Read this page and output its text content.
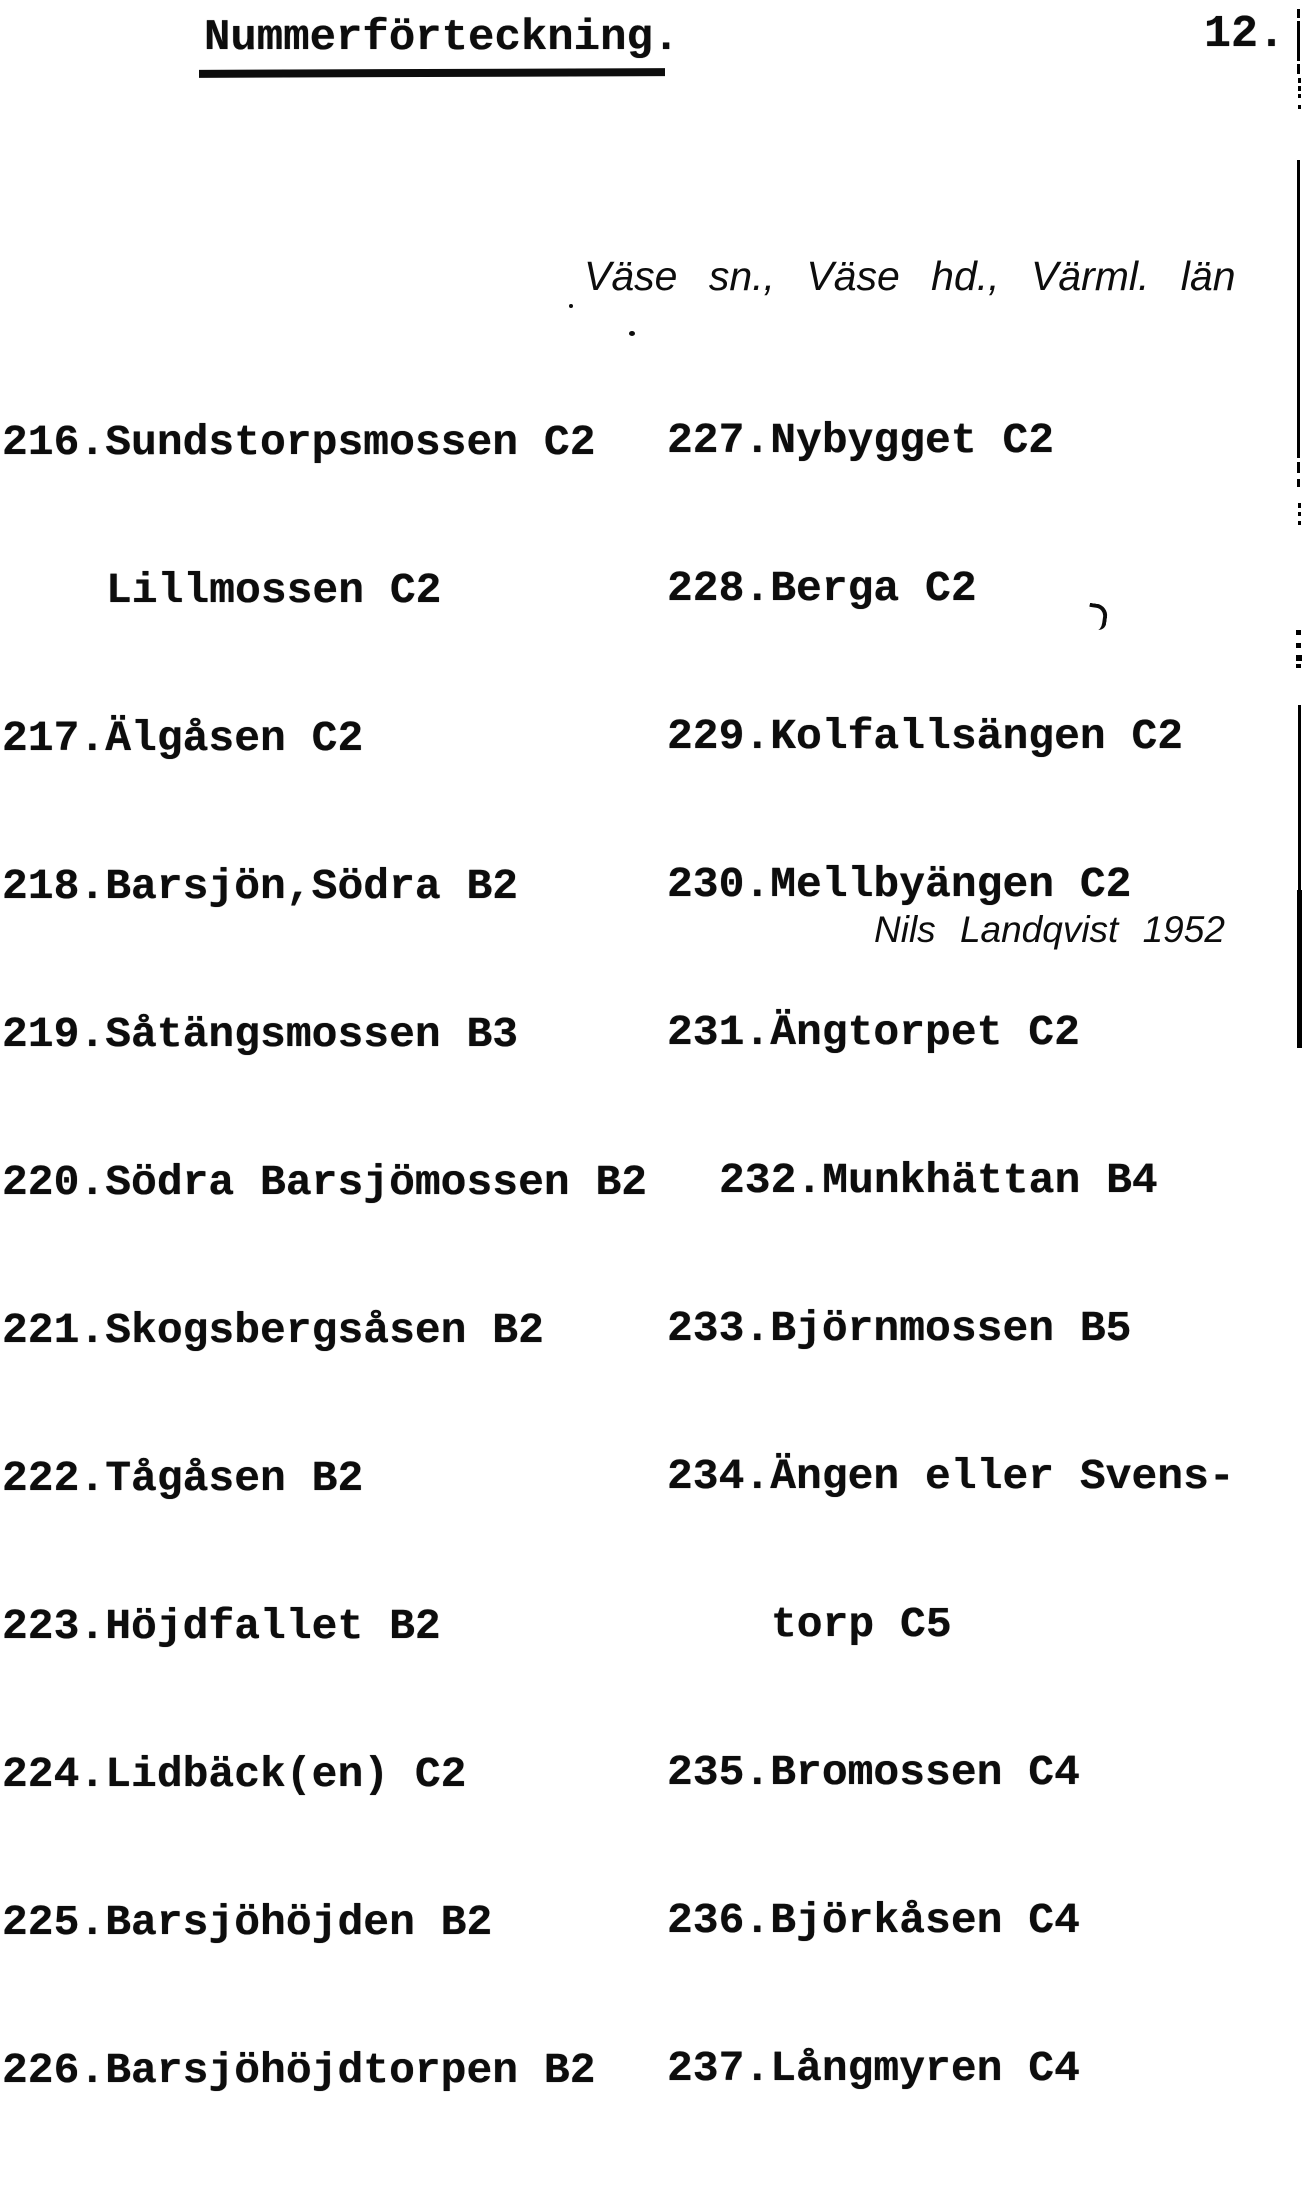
Nummerförteckning.	12.
Väse sn., Väse hd., Värml. län

216.Sundstorpsmossen C2

Lillmossen C2

217.Älgåsen C2

218.Barsjön,Södra B2

219.Såtängsmossen B3

220.Södra Barsjömossen B2

221.Skogsbergsåsen B2

222.Tågåsen B2

223.Höjdfallet B2

224.Lidbäck(en) C2

225.Barsjöhöjden B2

226.Barsjöhöjdtorpen B2

227.Nybygget C2

228.Berga C2

229.Kolfallsängen C2

230.Mellbyängen C2

231.Ängtorpet C2

232.Munkhättan B4

233.Björnmossen B5

234.Ängen eller Svens-

torp C5

235.Bromossen C4

236.Björkåsen C4

237.Långmyren C4

Nils Landqvist 1952
